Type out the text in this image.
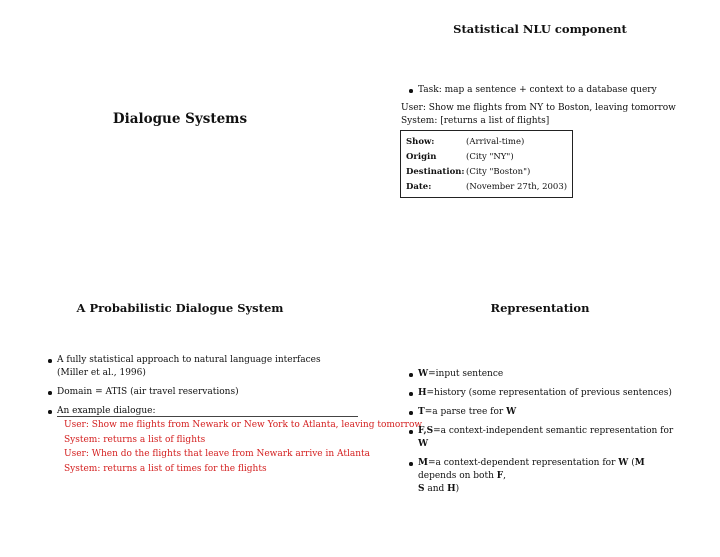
Dialogue Systems
Statistical NLU component
Task: map a sentence + context to a database query
User: Show me flights from NY to Boston, leaving tomorrow
System: [returns a list of flights]
Show:	(Arrival-time)
Origin	(City "NY")
Destination:	(City "Boston")
Date:	(November 27th, 2003)
A Probabilistic Dialogue System
A fully statistical approach to natural language interfaces (Miller et al., 1996)
Domain = ATIS (air travel reservations)
An example dialogue:
User: Show me flights from Newark or New York to Atlanta, leaving tomorrow
System: returns a list of flights
User: When do the flights that leave from Newark arrive in Atlanta
System: returns a list of times for the flights
Representation
W=input sentence
H=history (some representation of previous sentences)
T=a parse tree for W
F,S=a context-independent semantic representation for W
M=a context-dependent representation for W (M depends on both F,
S and H)
